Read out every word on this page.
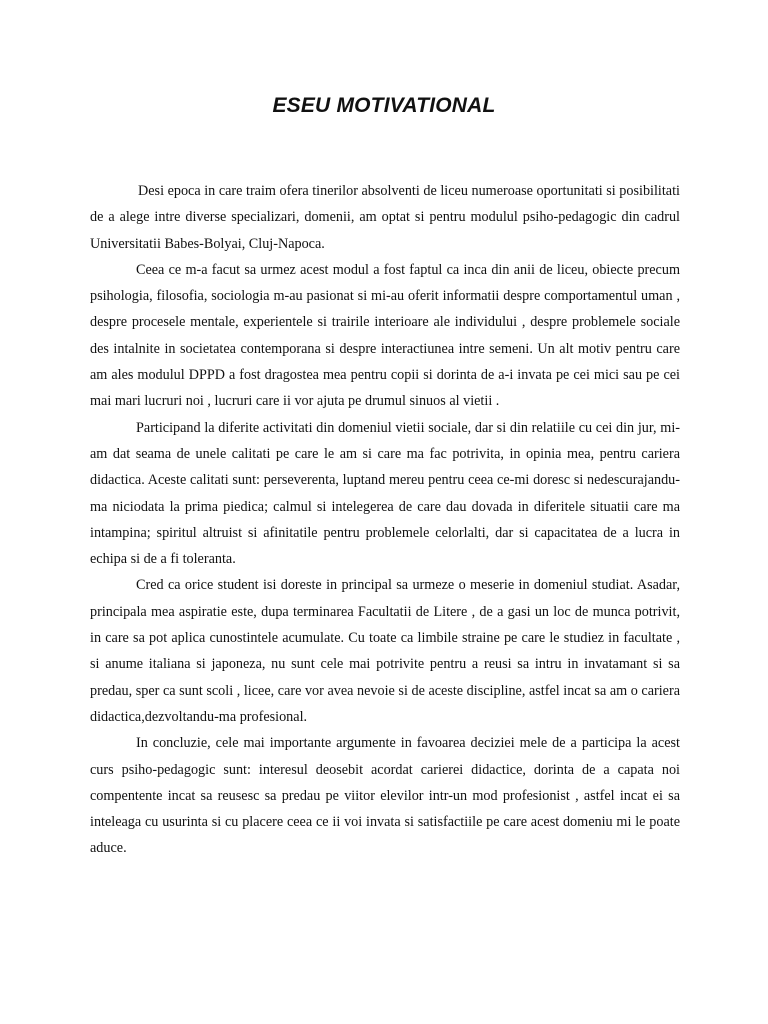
ESEU MOTIVATIONAL

Desi epoca in care traim ofera tinerilor absolventi de liceu numeroase oportunitati si posibilitati de a alege intre diverse specializari, domenii, am optat si pentru modulul psiho-pedagogic din cadrul Universitatii Babes-Bolyai, Cluj-Napoca.

Ceea ce m-a facut sa urmez acest modul a fost faptul ca inca din anii de liceu, obiecte precum psihologia, filosofia, sociologia m-au pasionat si mi-au oferit informatii despre comportamentul uman , despre procesele mentale, experientele si trairile interioare ale individului , despre problemele sociale des intalnite in societatea contemporana si despre interactiunea intre semeni. Un alt motiv pentru care am ales modulul DPPD a fost dragostea mea pentru copii si dorinta de a-i invata pe cei mici sau pe cei mai mari lucruri noi , lucruri care ii vor ajuta pe drumul sinuos al vietii .

Participand la diferite activitati din domeniul vietii sociale, dar si din relatiile cu cei din jur, mi-am dat seama de unele calitati pe care le am si care ma fac potrivita, in opinia mea, pentru cariera didactica. Aceste calitati sunt: perseverenta, luptand mereu pentru ceea ce-mi doresc si nedescurajandu-ma niciodata la prima piedica; calmul si intelegerea de care dau dovada in diferitele situatii care ma intampina; spiritul altruist si afinitatile pentru problemele celorlalti, dar si capacitatea de a lucra in echipa si de a fi toleranta.

Cred ca orice student isi doreste in principal sa urmeze o meserie in domeniul studiat. Asadar, principala mea aspiratie este, dupa terminarea Facultatii de Litere , de a gasi un loc de munca potrivit, in care sa pot aplica cunostintele acumulate. Cu toate ca limbile straine pe care le studiez in facultate , si anume italiana si japoneza, nu sunt cele mai potrivite pentru a reusi sa intru in invatamant si sa predau, sper ca sunt scoli , licee, care vor avea nevoie si de aceste discipline, astfel incat sa am o cariera didactica,dezvoltandu-ma profesional.

In concluzie, cele mai importante argumente in favoarea deciziei mele de a participa la acest curs psiho-pedagogic sunt: interesul deosebit acordat carierei didactice, dorinta de a capata noi compentente incat sa reusesc sa predau pe viitor elevilor intr-un mod profesionist , astfel incat ei sa inteleaga cu usurinta si cu placere ceea ce ii voi invata si satisfactiile pe care acest domeniu mi le poate aduce.
